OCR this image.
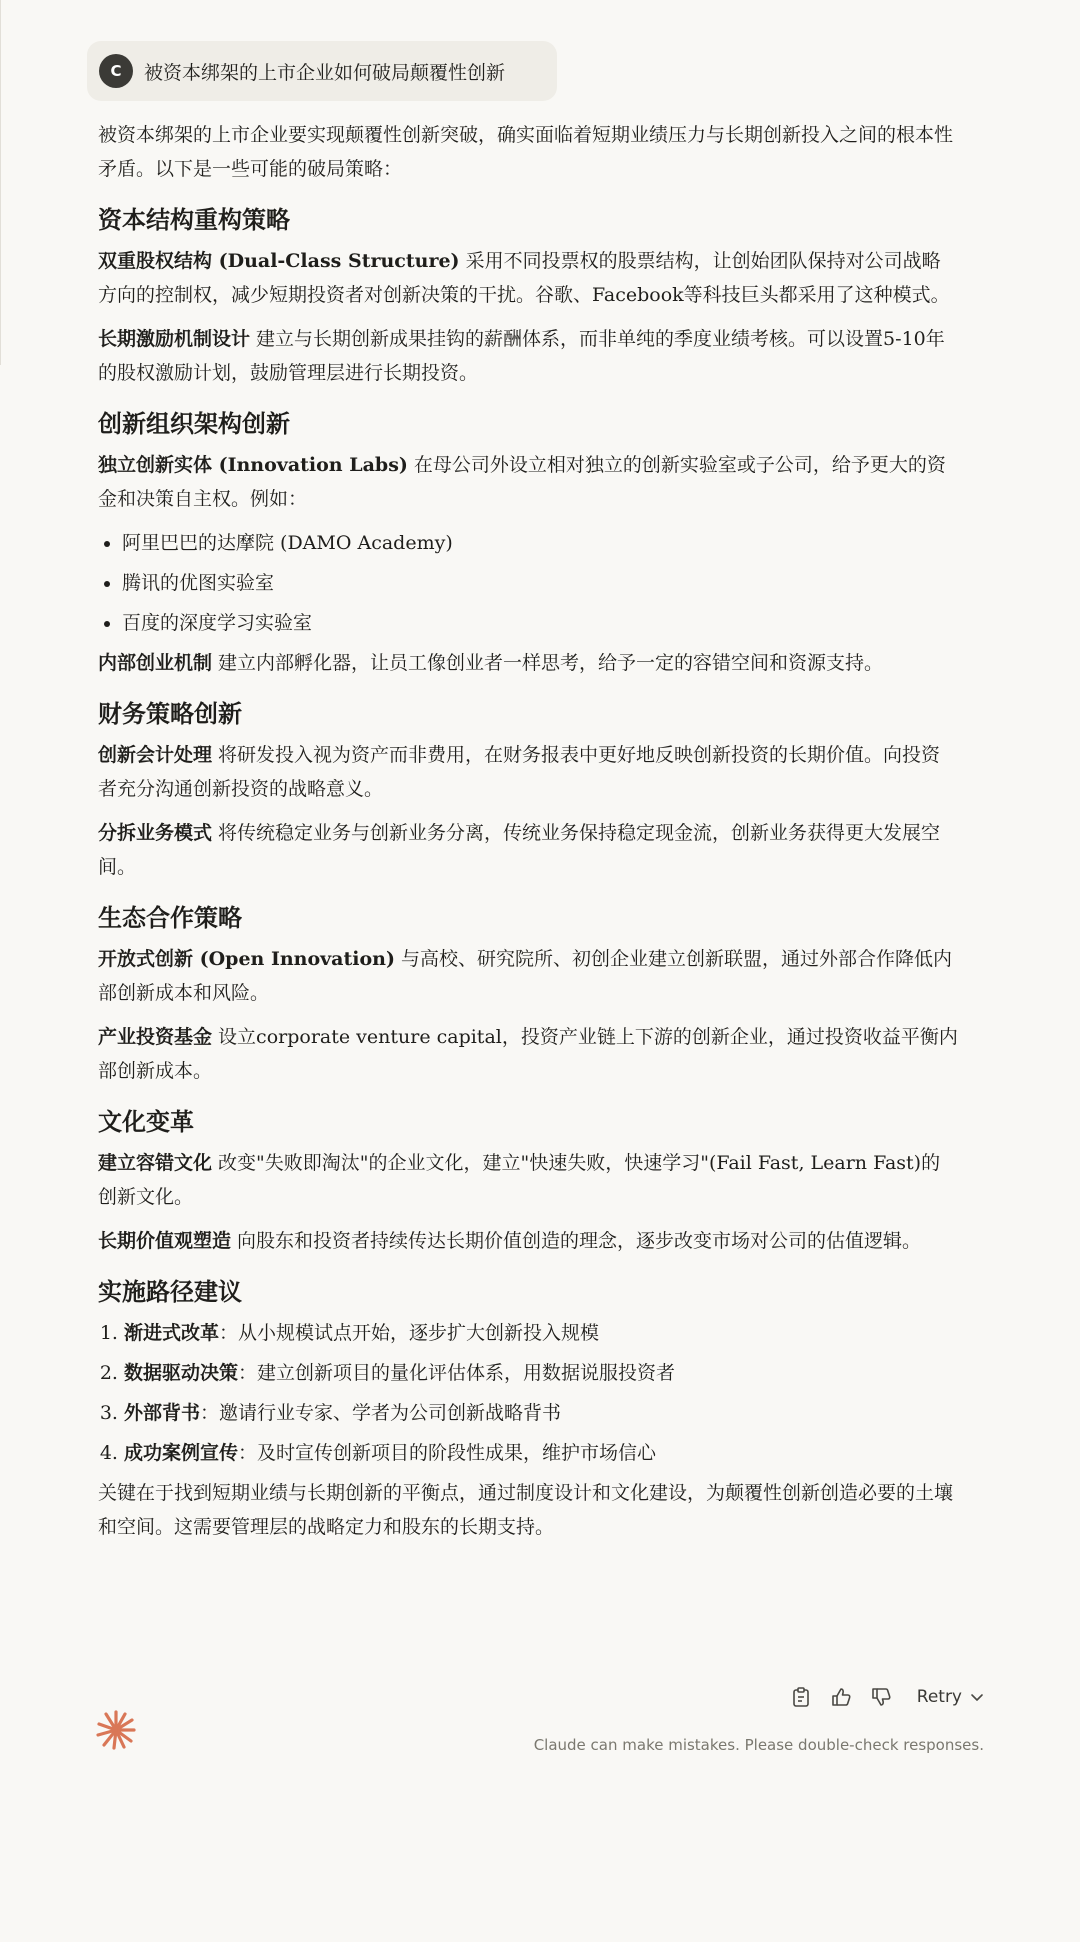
C	被资本绑架的上市企业如何破局颠覆性创新

被资本绑架的上市企业要实现颠覆性创新突破，确实面临着短期业绩压力与长期创新投入之间的根本性矛盾。以下是一些可能的破局策略：

资本结构重构策略

双重股权结构 (Dual-Class Structure) 采用不同投票权的股票结构，让创始团队保持对公司战略方向的控制权，减少短期投资者对创新决策的干扰。谷歌、Facebook等科技巨头都采用了这种模式。

长期激励机制设计 建立与长期创新成果挂钩的薪酬体系，而非单纯的季度业绩考核。可以设置5-10年的股权激励计划，鼓励管理层进行长期投资。

创新组织架构创新

独立创新实体 (Innovation Labs) 在母公司外设立相对独立的创新实验室或子公司，给予更大的资金和决策自主权。例如：

• 阿里巴巴的达摩院 (DAMO Academy)
• 腾讯的优图实验室
• 百度的深度学习实验室

内部创业机制 建立内部孵化器，让员工像创业者一样思考，给予一定的容错空间和资源支持。

财务策略创新

创新会计处理 将研发投入视为资产而非费用，在财务报表中更好地反映创新投资的长期价值。向投资者充分沟通创新投资的战略意义。

分拆业务模式 将传统稳定业务与创新业务分离，传统业务保持稳定现金流，创新业务获得更大发展空间。

生态合作策略

开放式创新 (Open Innovation) 与高校、研究院所、初创企业建立创新联盟，通过外部合作降低内部创新成本和风险。

产业投资基金 设立corporate venture capital，投资产业链上下游的创新企业，通过投资收益平衡内部创新成本。

文化变革

建立容错文化 改变"失败即淘汰"的企业文化，建立"快速失败，快速学习"(Fail Fast, Learn Fast)的创新文化。

长期价值观塑造 向股东和投资者持续传达长期价值创造的理念，逐步改变市场对公司的估值逻辑。

实施路径建议
1. 渐进式改革：从小规模试点开始，逐步扩大创新投入规模
2. 数据驱动决策：建立创新项目的量化评估体系，用数据说服投资者
3. 外部背书：邀请行业专家、学者为公司创新战略背书
4. 成功案例宣传：及时宣传创新项目的阶段性成果，维护市场信心

关键在于找到短期业绩与长期创新的平衡点，通过制度设计和文化建设，为颠覆性创新创造必要的土壤和空间。这需要管理层的战略定力和股东的长期支持。

Retry
Claude can make mistakes. Please double-check responses.
